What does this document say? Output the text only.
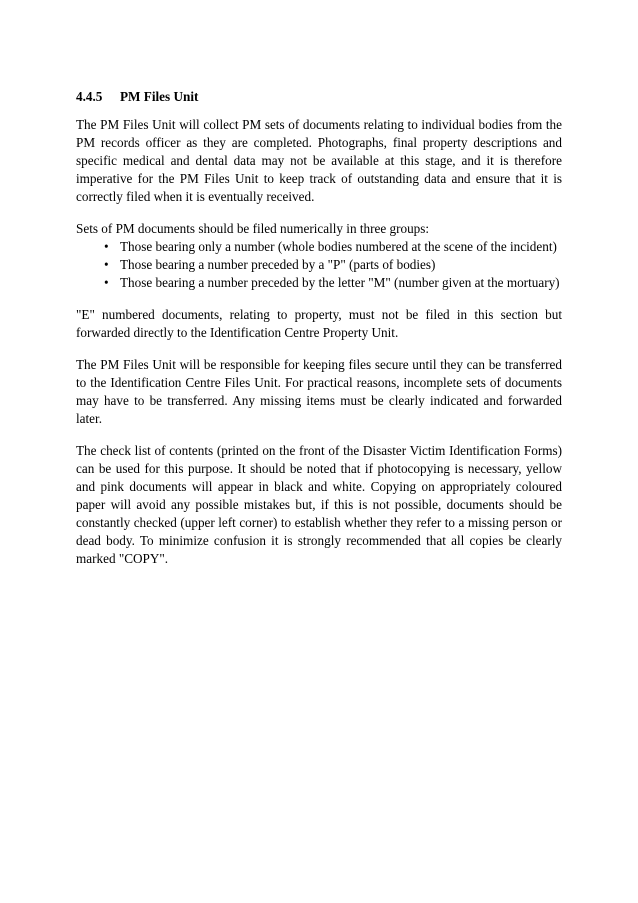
4.4.5 PM Files Unit

The PM Files Unit will collect PM sets of documents relating to individual bodies from the PM records officer as they are completed. Photographs, final property descriptions and specific medical and dental data may not be available at this stage, and it is therefore imperative for the PM Files Unit to keep track of outstanding data and ensure that it is correctly filed when it is eventually received.

Sets of PM documents should be filed numerically in three groups:

• Those bearing only a number (whole bodies numbered at the scene of the incident)
• Those bearing a number preceded by a "P" (parts of bodies)
• Those bearing a number preceded by the letter "M" (number given at the mortuary)

"E" numbered documents, relating to property, must not be filed in this section but forwarded directly to the Identification Centre Property Unit.

The PM Files Unit will be responsible for keeping files secure until they can be transferred to the Identification Centre Files Unit. For practical reasons, incomplete sets of documents may have to be transferred. Any missing items must be clearly indicated and forwarded later.

The check list of contents (printed on the front of the Disaster Victim Identification Forms) can be used for this purpose. It should be noted that if photocopying is necessary, yellow and pink documents will appear in black and white. Copying on appropriately coloured paper will avoid any possible mistakes but, if this is not possible, documents should be constantly checked (upper left corner) to establish whether they refer to a missing person or dead body. To minimize confusion it is strongly recommended that all copies be clearly marked "COPY".
